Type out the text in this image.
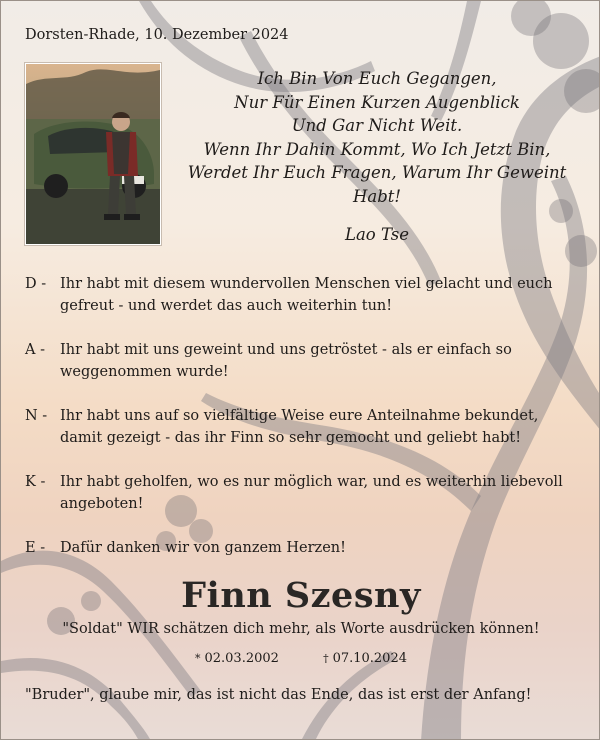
Dorsten-Rhade, 10. Dezember 2024
Ich Bin Von Euch Gegangen,
Nur Für Einen Kurzen Augenblick
Und Gar Nicht Weit.
Wenn Ihr Dahin Kommt, Wo Ich Jetzt Bin,
Werdet Ihr Euch Fragen, Warum Ihr Geweint
Habt!
Lao Tse
D - Ihr habt mit diesem wundervollen Menschen viel gelacht und euch gefreut - und werdet das auch weiterhin tun!
A -	Ihr habt mit uns geweint und uns getröstet - als er einfach so weggenommen wurde!
N - Ihr habt uns auf so vielfältige Weise eure Anteilnahme bekundet, damit gezeigt - das ihr Finn so sehr gemocht und geliebt habt!
K -	Ihr habt geholfen, wo es nur möglich war, und es weiterhin liebevoll angeboten!
E -	Dafür danken wir von ganzem Herzen!
Finn Szesny
"Soldat" WIR schätzen dich mehr, als Worte ausdrücken können!
* 02.03.2002	† 07.10.2024
"Bruder", glaube mir, das ist nicht das Ende, das ist erst der Anfang!
